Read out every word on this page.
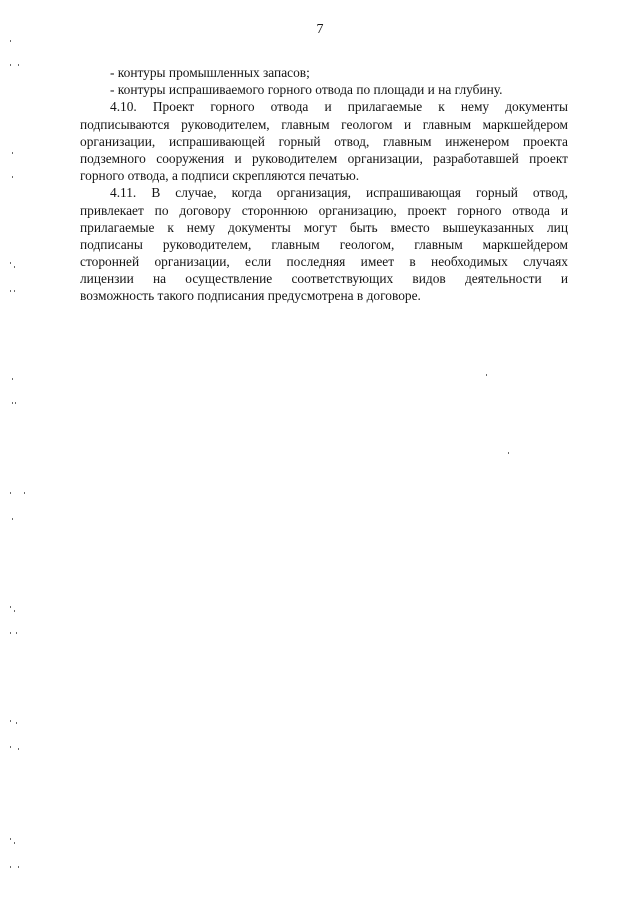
7
- контуры промышленных запасов;
- контуры испрашиваемого горного отвода по площади и на глубину.
4.10. Проект горного отвода и прилагаемые к нему документы
подписываются руководителем, главным геологом и главным маркшейдером
организации, испрашивающей горный отвод, главным инженером проекта
подземного сооружения и руководителем организации, разработавшей проект
горного отвода, а подписи скрепляются печатью.
4.11. В случае, когда организация, испрашивающая горный отвод,
привлекает по договору стороннюю организацию, проект горного отвода и
прилагаемые к нему документы могут быть вместо вышеуказанных лиц
подписаны руководителем, главным геологом, главным маркшейдером
сторонней организации, если последняя имеет в необходимых случаях
лицензии на осуществление соответствующих видов деятельности и
возможность такого подписания предусмотрена в договоре.
